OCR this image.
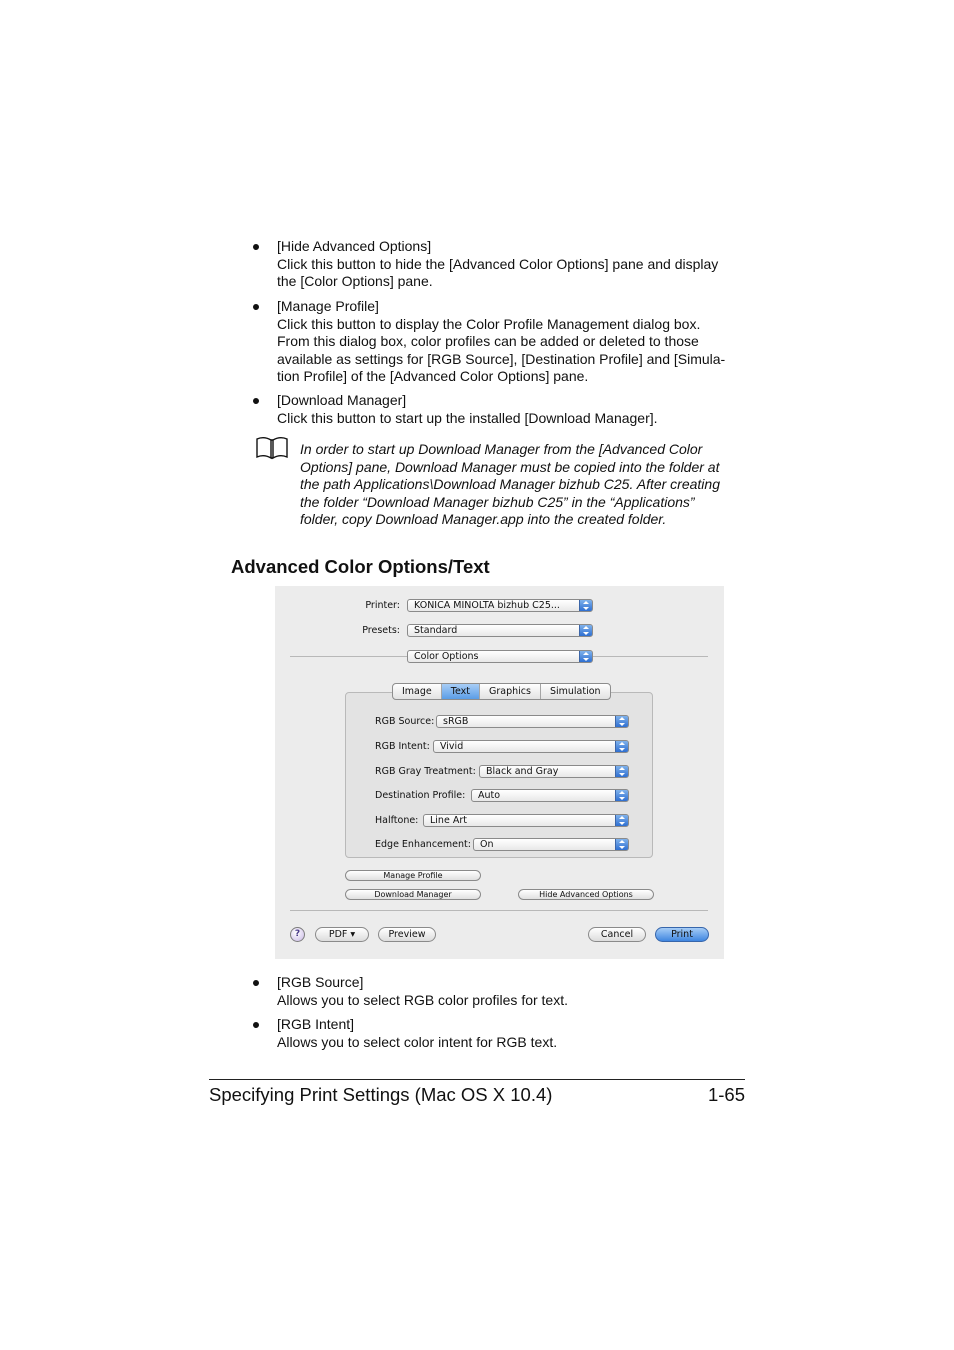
[Hide Advanced Options]
Click this button to hide the [Advanced Color Options] pane and display
the [Color Options] pane.
[Manage Profile]
Click this button to display the Color Profile Management dialog box.
From this dialog box, color profiles can be added or deleted to those
available as settings for [RGB Source], [Destination Profile] and [Simula-
tion Profile] of the [Advanced Color Options] pane.
[Download Manager]
Click this button to start up the installed [Download Manager].
In order to start up Download Manager from the [Advanced Color
Options] pane, Download Manager must be copied into the folder at
the path Applications\Download Manager bizhub C25. After creating
the folder “Download Manager bizhub C25” in the “Applications”
folder, copy Download Manager.app into the created folder.
Advanced Color Options/Text
Printer:	KONICA MINOLTA bizhub C25...
Presets:	Standard
Color Options
Image	Text	Graphics	Simulation
RGB Source: sRGB
RGB Intent:	Vivid
RGB Gray Treatment:	Black and Gray
Destination Profile:	Auto
Halftone:	Line Art
Edge Enhancement: On
Manage Profile
Download Manager	Hide Advanced Options
?	PDF ▾	Preview	Cancel	Print
[RGB Source]
Allows you to select RGB color profiles for text.
[RGB Intent]
Allows you to select color intent for RGB text.
Specifying Print Settings (Mac OS X 10.4)	1-65
